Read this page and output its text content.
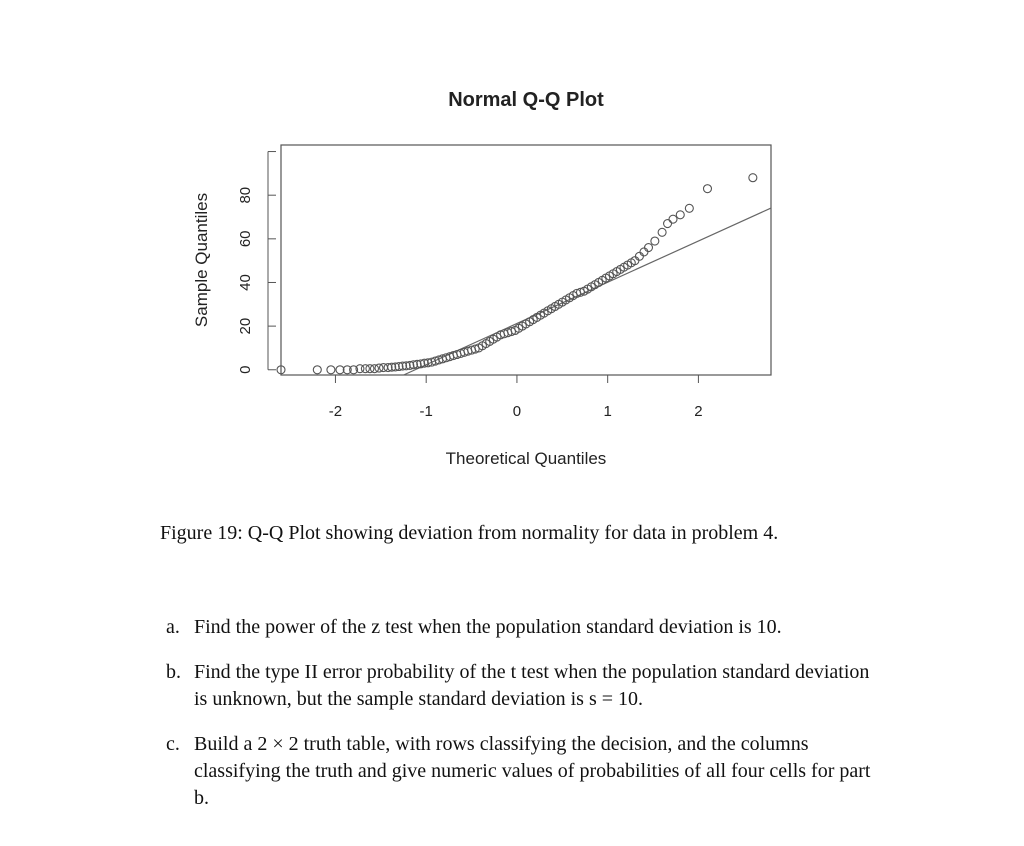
Normal Q-Q Plot
-2	-1	0	1	2
0
20
40
60
80
Theoretical Quantiles
Sample Quantiles
Figure 19: Q-Q Plot showing deviation from normality for data in problem 4.
a. Find the power of the z test when the population standard deviation is 10.
b. Find the type II error probability of the t test when the population standard deviation is unknown, but the sample standard deviation is s = 10.
c. Build a 2 × 2 truth table, with rows classifying the decision, and the columns classifying the truth and give numeric values of probabilities of all four cells for part b.
